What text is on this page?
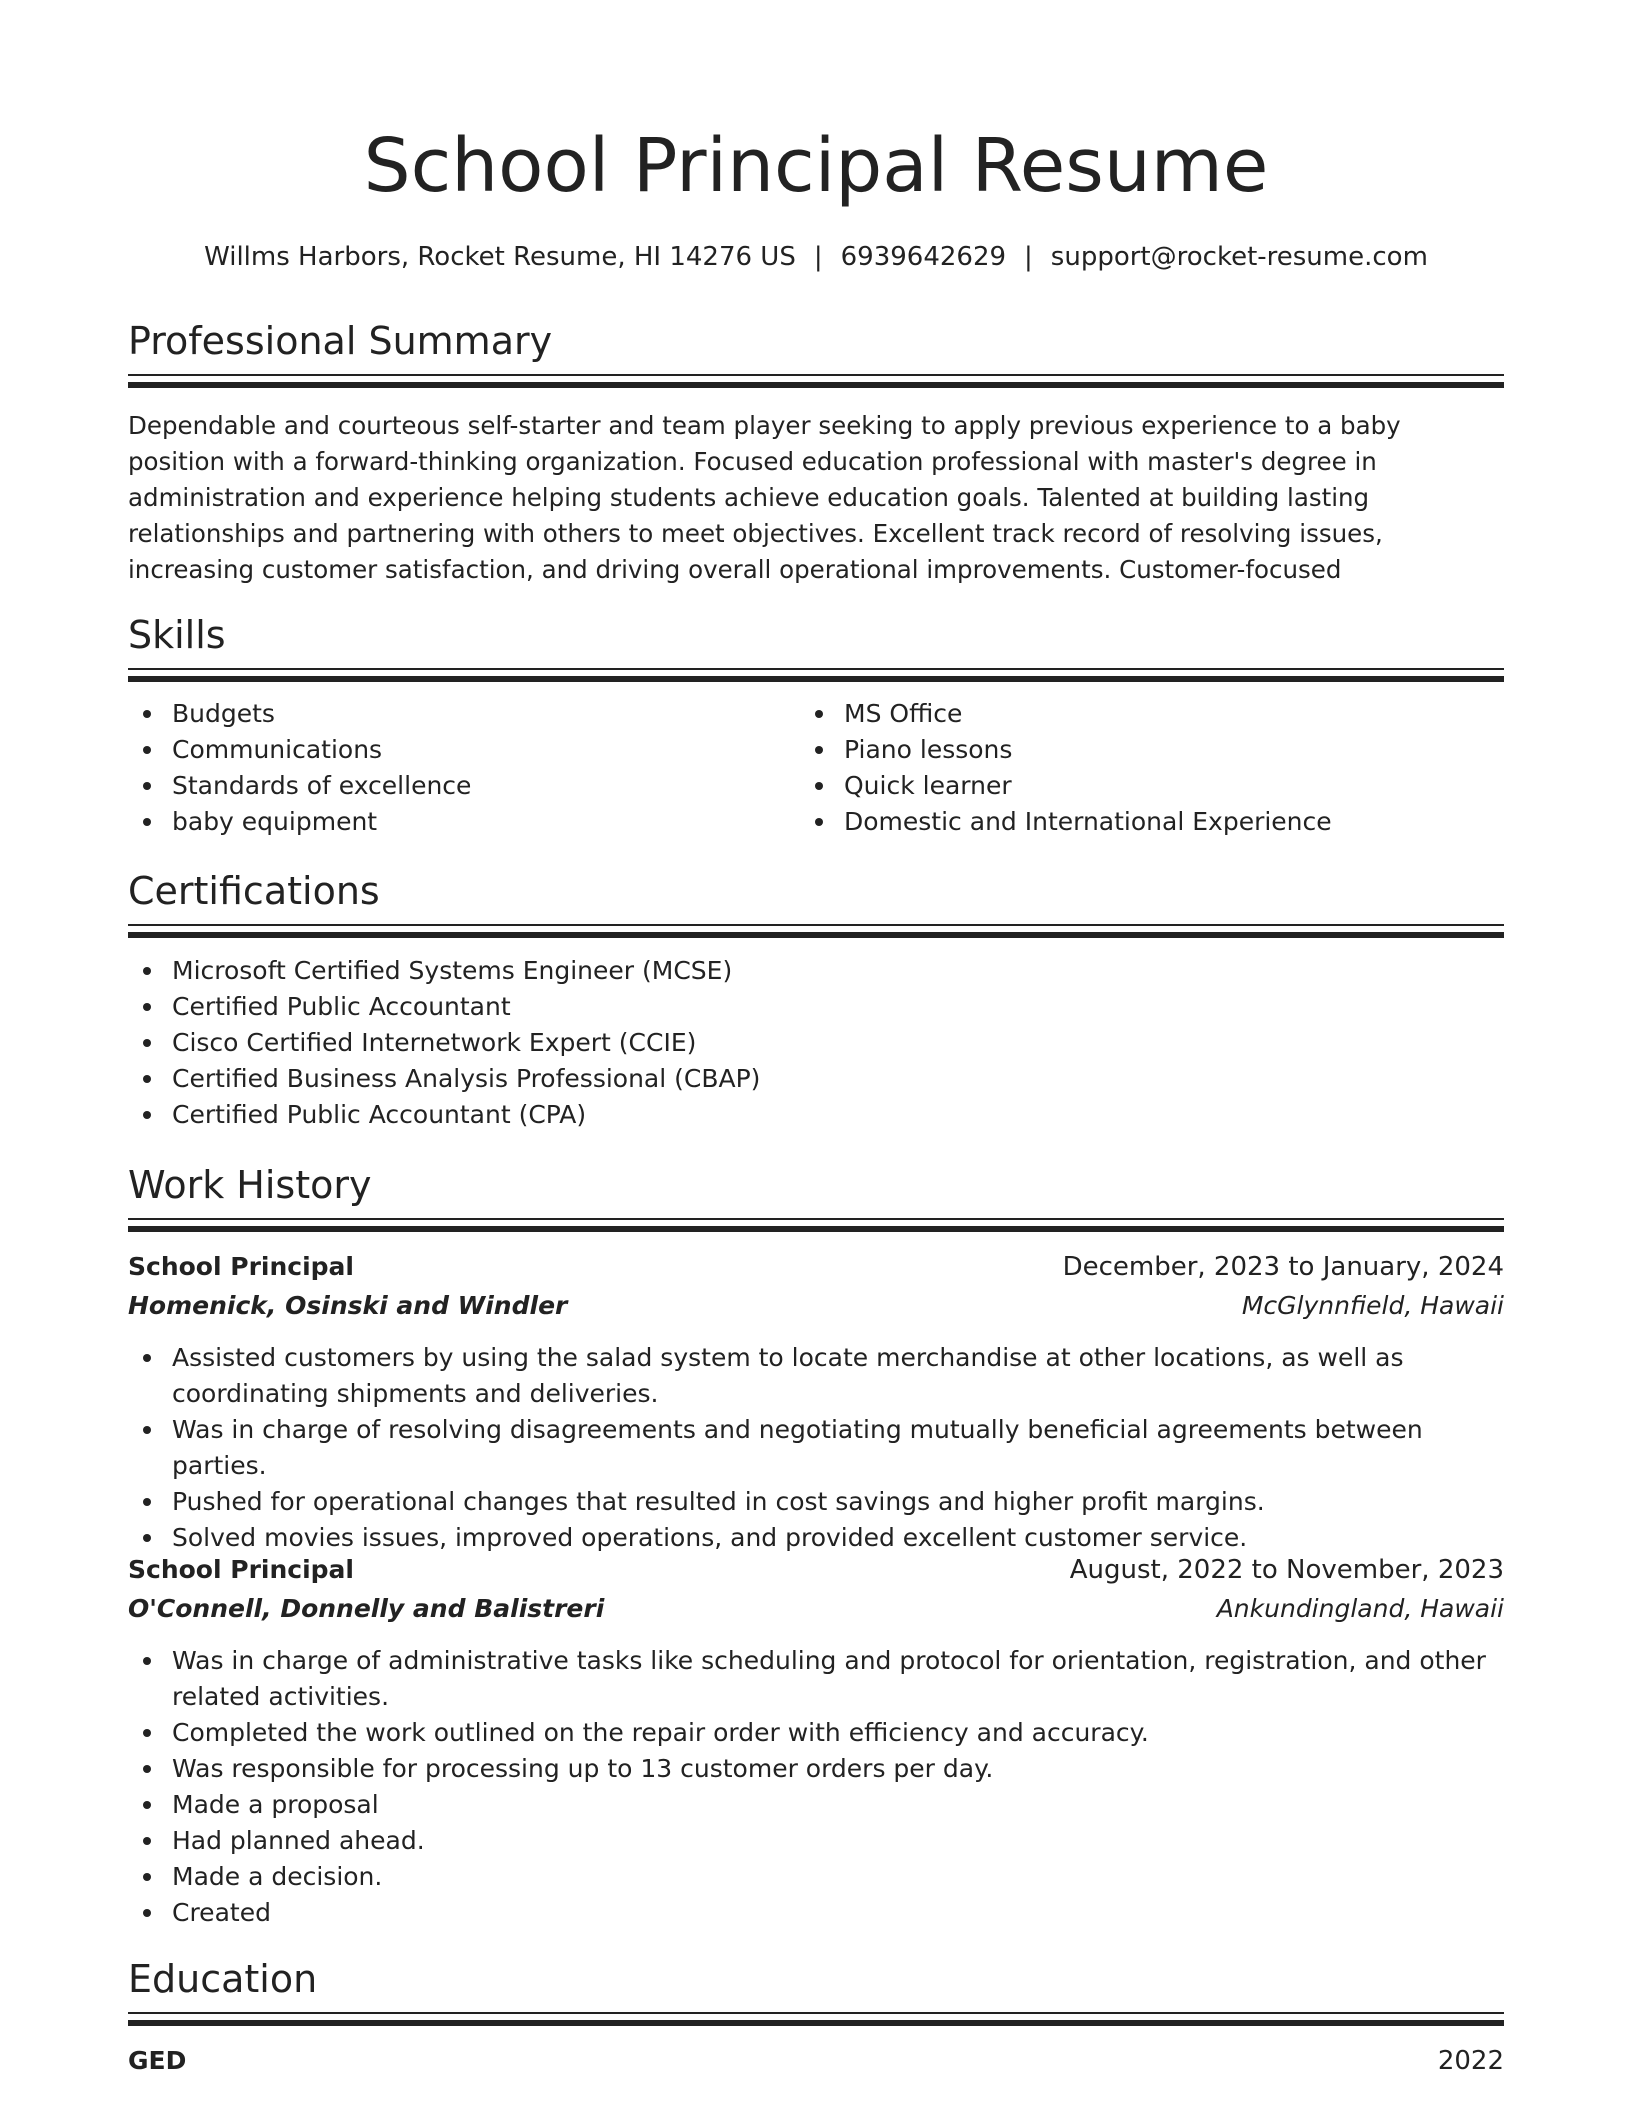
School Principal Resume
Willms Harbors, Rocket Resume, HI 14276 US | 6939642629 | support@rocket-resume.com
Professional Summary

Dependable and courteous self-starter and team player seeking to apply previous experience to a baby position with a forward-thinking organization. Focused education professional with master's degree in administration and experience helping students achieve education goals. Talented at building lasting relationships and partnering with others to meet objectives. Excellent track record of resolving issues, increasing customer satisfaction, and driving overall operational improvements. Customer-focused

Skills
Budgets
Communications
Standards of excellence
baby equipment
MS Office
Piano lessons
Quick learner
Domestic and International Experience
Certifications
Microsoft Certified Systems Engineer (MCSE)
Certified Public Accountant
Cisco Certified Internetwork Expert (CCIE)
Certified Business Analysis Professional (CBAP)
Certified Public Accountant (CPA)
Work History
School Principal	December, 2023 to January, 2024
Homenick, Osinski and Windler	McGlynnfield, Hawaii
Assisted customers by using the salad system to locate merchandise at other locations, as well as coordinating shipments and deliveries.
Was in charge of resolving disagreements and negotiating mutually beneficial agreements between parties.
Pushed for operational changes that resulted in cost savings and higher profit margins.
Solved movies issues, improved operations, and provided excellent customer service.
School Principal	August, 2022 to November, 2023
O'Connell, Donnelly and Balistreri	Ankundingland, Hawaii
Was in charge of administrative tasks like scheduling and protocol for orientation, registration, and other related activities.
Completed the work outlined on the repair order with efficiency and accuracy.
Was responsible for processing up to 13 customer orders per day.
Made a proposal
Had planned ahead.
Made a decision.
Created
Education
GED	2022
